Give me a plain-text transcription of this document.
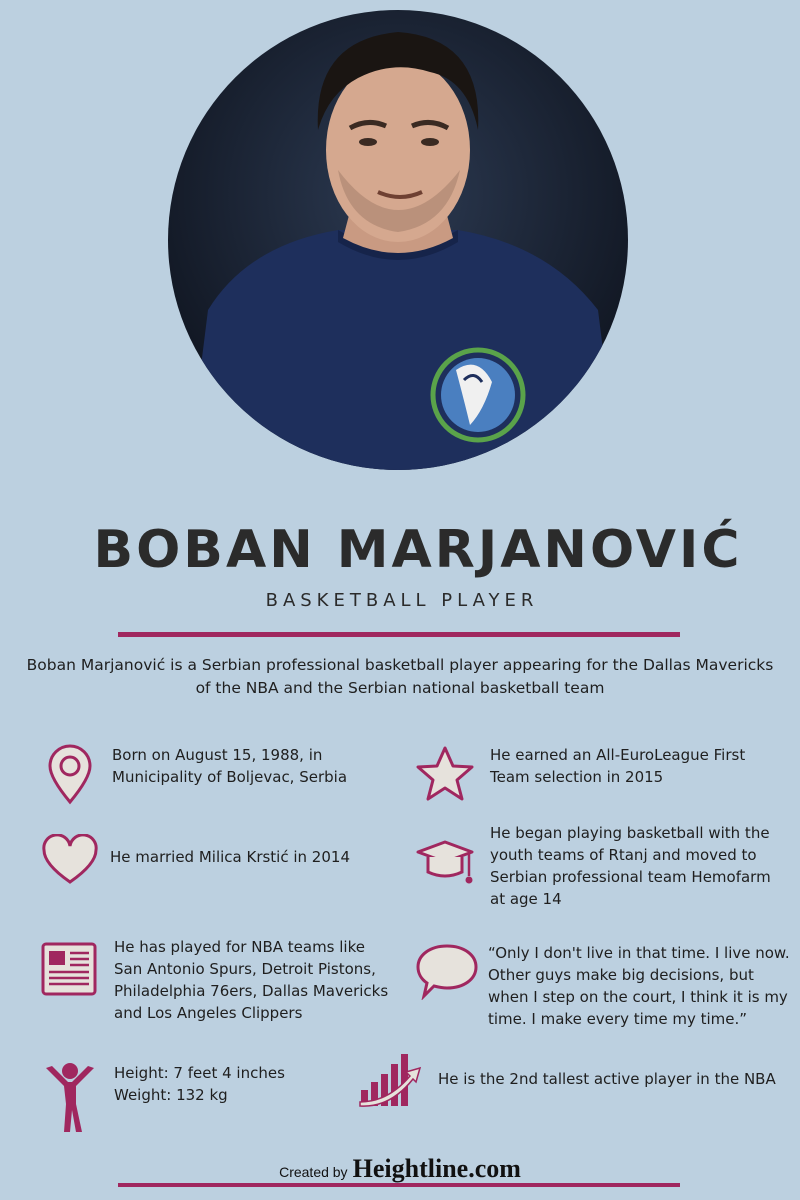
BOBAN MARJANOVIĆ
BASKETBALL PLAYER
Boban Marjanović is a Serbian professional basketball player appearing for the Dallas Mavericks
of the NBA and the Serbian national basketball team
Born on August 15, 1988, in
Municipality of Boljevac, Serbia
He earned an All-EuroLeague First
Team selection in 2015
He married Milica Krstić in 2014
He began playing basketball with the
youth teams of Rtanj and moved to
Serbian professional team Hemofarm
at age 14
He has played for NBA teams like
San Antonio Spurs, Detroit Pistons,
Philadelphia 76ers, Dallas Mavericks
and Los Angeles Clippers
“Only I don't live in that time. I live now.
Other guys make big decisions, but
when I step on the court, I think it is my
time. I make every time my time.”
Height: 7 feet 4 inches
Weight: 132 kg
He is the 2nd tallest active player in the NBA
Created by Heightline.com
